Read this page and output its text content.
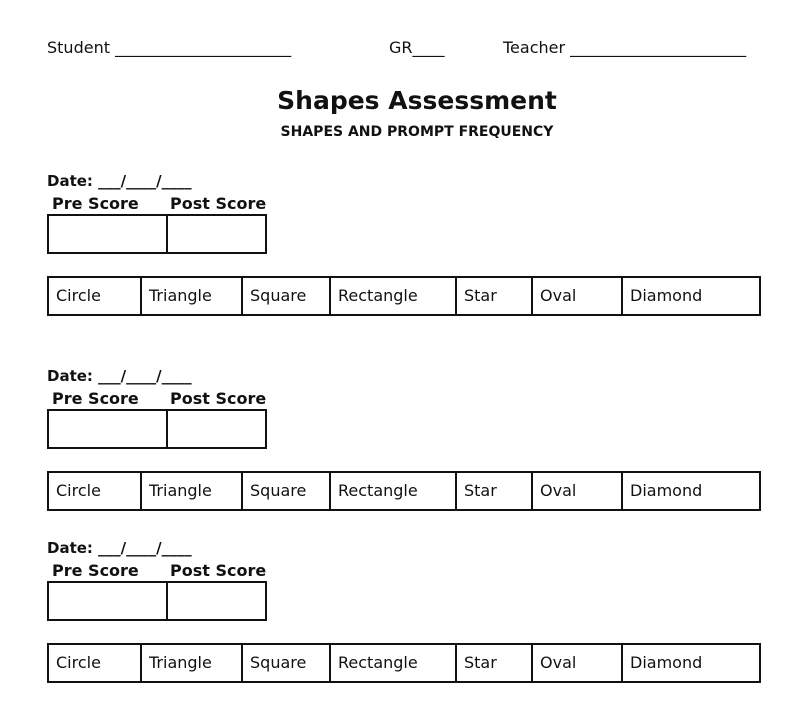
Student ______________________	GR____	Teacher ______________________
Shapes Assessment
SHAPES AND PROMPT FREQUENCY
Date: ___/____/____
Pre Score Post Score
Circle	Triangle	Square	Rectangle	Star	Oval	Diamond
Date: ___/____/____
Pre Score Post Score
Circle	Triangle	Square	Rectangle	Star	Oval	Diamond
Date: ___/____/____
Pre Score Post Score
Circle	Triangle	Square	Rectangle	Star	Oval	Diamond
